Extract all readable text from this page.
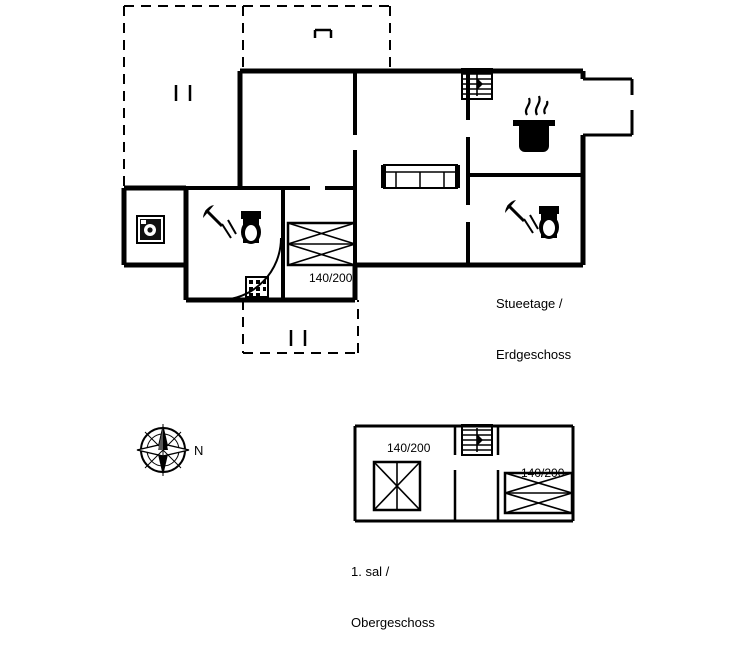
Stueetage /

Erdgeschoss

140/200
140/200
140/200

1. sal /

Obergeschoss

N
